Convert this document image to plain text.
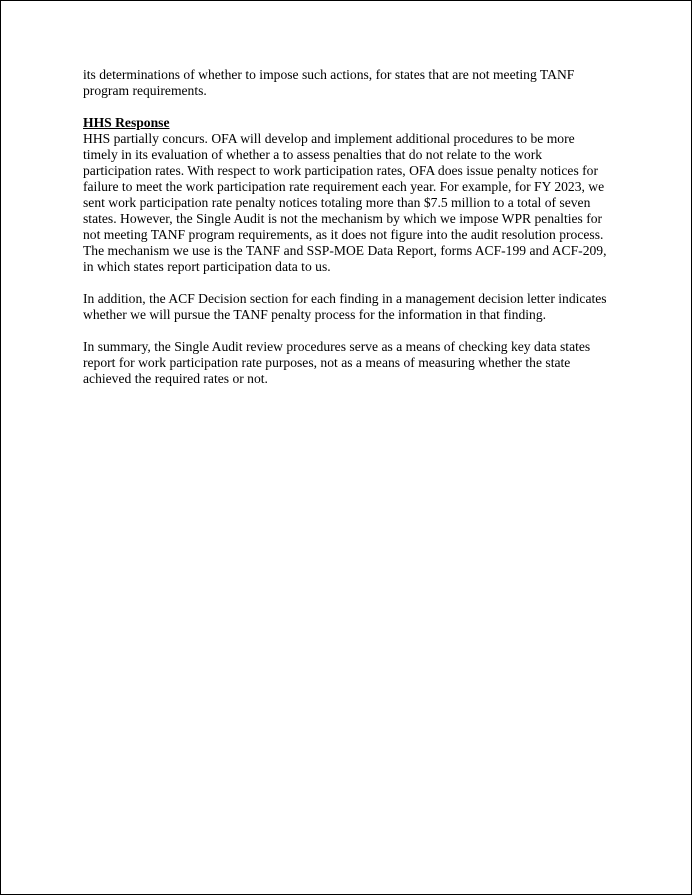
its determinations of whether to impose such actions, for states that are not meeting TANF
program requirements.
HHS Response
HHS partially concurs. OFA will develop and implement additional procedures to be more
timely in its evaluation of whether a to assess penalties that do not relate to the work
participation rates. With respect to work participation rates, OFA does issue penalty notices for
failure to meet the work participation rate requirement each year. For example, for FY 2023, we
sent work participation rate penalty notices totaling more than $7.5 million to a total of seven
states. However, the Single Audit is not the mechanism by which we impose WPR penalties for
not meeting TANF program requirements, as it does not figure into the audit resolution process.
The mechanism we use is the TANF and SSP-MOE Data Report, forms ACF-199 and ACF-209,
in which states report participation data to us.
In addition, the ACF Decision section for each finding in a management decision letter indicates
whether we will pursue the TANF penalty process for the information in that finding.
In summary, the Single Audit review procedures serve as a means of checking key data states
report for work participation rate purposes, not as a means of measuring whether the state
achieved the required rates or not.
